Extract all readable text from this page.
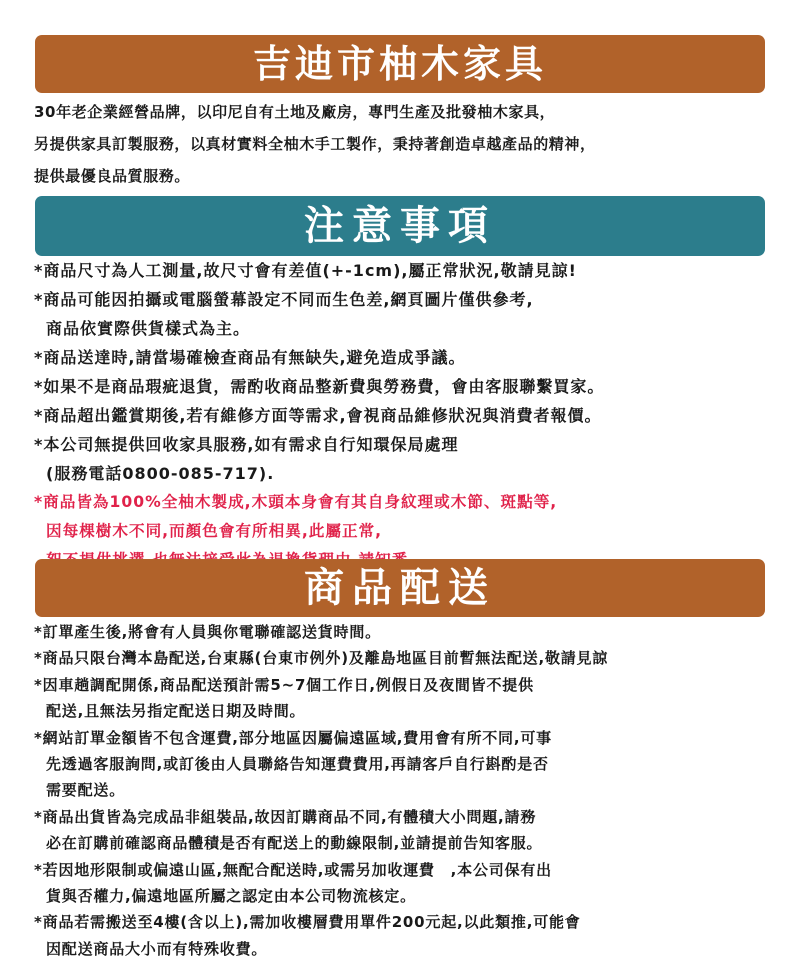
吉迪市柚木家具
30年老企業經營品牌，以印尼自有土地及廠房，專門生產及批發柚木家具，
另提供家具訂製服務，以真材實料全柚木手工製作，秉持著創造卓越產品的精神，
提供最優良品質服務。
注意事項
*商品尺寸為人工測量,故尺寸會有差值(+-1cm),屬正常狀況,敬請見諒!
*商品可能因拍攝或電腦螢幕設定不同而生色差,網頁圖片僅供參考,
商品依實際供貨樣式為主。
*商品送達時,請當場確檢查商品有無缺失,避免造成爭議。
*如果不是商品瑕疵退貨，需酌收商品整新費與勞務費，會由客服聯繫買家。
*商品超出鑑賞期後,若有維修方面等需求,會視商品維修狀況與消費者報價。
*本公司無提供回收家具服務,如有需求自行知環保局處理
(服務電話0800-085-717).
*商品皆為100%全柚木製成,木頭本身會有其自身紋理或木節、斑點等,
因每棵樹木不同,而顏色會有所相異,此屬正常,
商品配送
*訂單產生後,將會有人員與你電聯確認送貨時間。
*商品只限台灣本島配送,台東縣(台東市例外)及離島地區目前暫無法配送,敬請見諒
*因車趟調配開係,商品配送預計需5~7個工作日,例假日及夜間皆不提供
配送,且無法另指定配送日期及時間。
*網站訂單金額皆不包含運費,部分地區因屬偏遠區域,費用會有所不同,可事
先透過客服詢問,或訂後由人員聯絡告知運費費用,再請客戶自行斟酌是否
需要配送。
*商品出貨皆為完成品非組裝品,故因訂購商品不同,有體積大小問題,請務
必在訂購前確認商品體積是否有配送上的動線限制,並請提前告知客服。
*若因地形限制或偏遠山區,無配合配送時,或需另加收運費　,本公司保有出
貨與否權力,偏遠地區所屬之認定由本公司物流核定。
*商品若需搬送至4樓(含以上),需加收樓層費用單件200元起,以此類推,可能會
因配送商品大小而有特殊收費。
